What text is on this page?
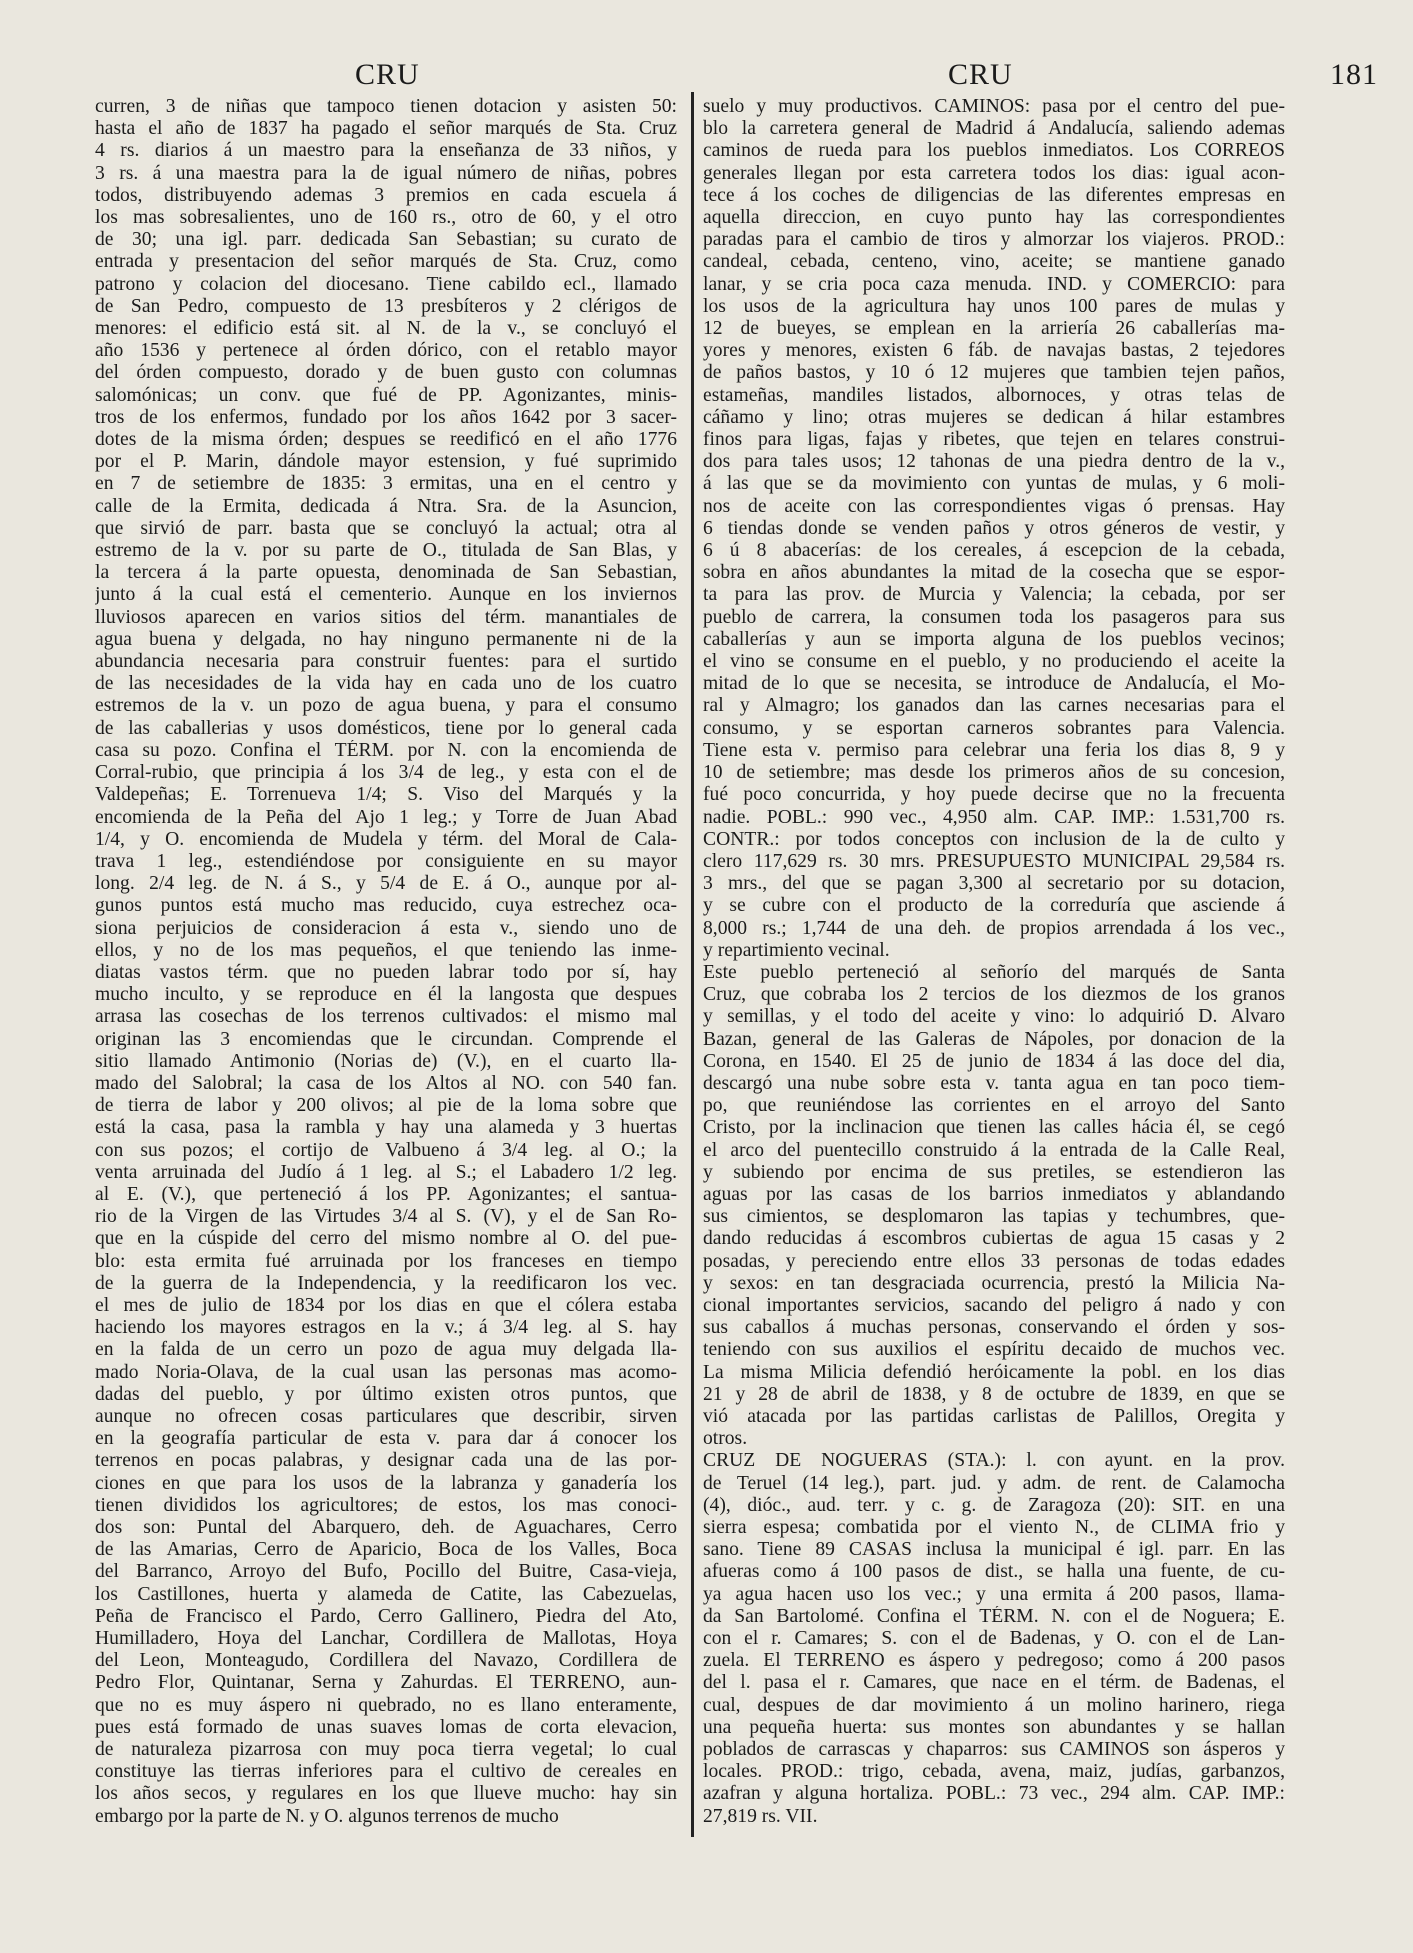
CRU	CRU	181
curren, 3 de niñas que tampoco tienen dotacion y asisten 50:
hasta el año de 1837 ha pagado el señor marqués de Sta. Cruz
4 rs. diarios á un maestro para la enseñanza de 33 niños, y
3 rs. á una maestra para la de igual número de niñas, pobres
todos, distribuyendo ademas 3 premios en cada escuela á
los mas sobresalientes, uno de 160 rs., otro de 60, y el otro
de 30; una igl. parr. dedicada San Sebastian; su curato de
entrada y presentacion del señor marqués de Sta. Cruz, como
patrono y colacion del diocesano. Tiene cabildo ecl., llamado
de San Pedro, compuesto de 13 presbíteros y 2 clérigos de
menores: el edificio está sit. al N. de la v., se concluyó el
año 1536 y pertenece al órden dórico, con el retablo mayor
del órden compuesto, dorado y de buen gusto con columnas
salomónicas; un conv. que fué de PP. Agonizantes, minis-
tros de los enfermos, fundado por los años 1642 por 3 sacer-
dotes de la misma órden; despues se reedificó en el año 1776
por el P. Marin, dándole mayor estension, y fué suprimido
en 7 de setiembre de 1835: 3 ermitas, una en el centro y
calle de la Ermita, dedicada á Ntra. Sra. de la Asuncion,
que sirvió de parr. basta que se concluyó la actual; otra al
estremo de la v. por su parte de O., titulada de San Blas, y
la tercera á la parte opuesta, denominada de San Sebastian,
junto á la cual está el cementerio. Aunque en los inviernos
lluviosos aparecen en varios sitios del térm. manantiales de
agua buena y delgada, no hay ninguno permanente ni de la
abundancia necesaria para construir fuentes: para el surtido
de las necesidades de la vida hay en cada uno de los cuatro
estremos de la v. un pozo de agua buena, y para el consumo
de las caballerias y usos domésticos, tiene por lo general cada
casa su pozo. Confina el TÉRM. por N. con la encomienda de
Corral-rubio, que principia á los 3/4 de leg., y esta con el de
Valdepeñas; E. Torrenueva 1/4; S. Viso del Marqués y la
encomienda de la Peña del Ajo 1 leg.; y Torre de Juan Abad
1/4, y O. encomienda de Mudela y térm. del Moral de Cala-
trava 1 leg., estendiéndose por consiguiente en su mayor
long. 2/4 leg. de N. á S., y 5/4 de E. á O., aunque por al-
gunos puntos está mucho mas reducido, cuya estrechez oca-
siona perjuicios de consideracion á esta v., siendo uno de
ellos, y no de los mas pequeños, el que teniendo las inme-
diatas vastos térm. que no pueden labrar todo por sí, hay
mucho inculto, y se reproduce en él la langosta que despues
arrasa las cosechas de los terrenos cultivados: el mismo mal
originan las 3 encomiendas que le circundan. Comprende el
sitio llamado Antimonio (Norias de) (V.), en el cuarto lla-
mado del Salobral; la casa de los Altos al NO. con 540 fan.
de tierra de labor y 200 olivos; al pie de la loma sobre que
está la casa, pasa la rambla y hay una alameda y 3 huertas
con sus pozos; el cortijo de Valbueno á 3/4 leg. al O.; la
venta arruinada del Judío á 1 leg. al S.; el Labadero 1/2 leg.
al E. (V.), que perteneció á los PP. Agonizantes; el santua-
rio de la Virgen de las Virtudes 3/4 al S. (V), y el de San Ro-
que en la cúspide del cerro del mismo nombre al O. del pue-
blo: esta ermita fué arruinada por los franceses en tiempo
de la guerra de la Independencia, y la reedificaron los vec.
el mes de julio de 1834 por los dias en que el cólera estaba
haciendo los mayores estragos en la v.; á 3/4 leg. al S. hay
en la falda de un cerro un pozo de agua muy delgada lla-
mado Noria-Olava, de la cual usan las personas mas acomo-
dadas del pueblo, y por último existen otros puntos, que
aunque no ofrecen cosas particulares que describir, sirven
en la geografía particular de esta v. para dar á conocer los
terrenos en pocas palabras, y designar cada una de las por-
ciones en que para los usos de la labranza y ganadería los
tienen divididos los agricultores; de estos, los mas conoci-
dos son: Puntal del Abarquero, deh. de Aguachares, Cerro
de las Amarias, Cerro de Aparicio, Boca de los Valles, Boca
del Barranco, Arroyo del Bufo, Pocillo del Buitre, Casa-vieja,
los Castillones, huerta y alameda de Catite, las Cabezuelas,
Peña de Francisco el Pardo, Cerro Gallinero, Piedra del Ato,
Humilladero, Hoya del Lanchar, Cordillera de Mallotas, Hoya
del Leon, Monteagudo, Cordillera del Navazo, Cordillera de
Pedro Flor, Quintanar, Serna y Zahurdas. El TERRENO, aun-
que no es muy áspero ni quebrado, no es llano enteramente,
pues está formado de unas suaves lomas de corta elevacion,
de naturaleza pizarrosa con muy poca tierra vegetal; lo cual
constituye las tierras inferiores para el cultivo de cereales en
los años secos, y regulares en los que llueve mucho: hay sin
embargo por la parte de N. y O. algunos terrenos de mucho
suelo y muy productivos. CAMINOS: pasa por el centro del pue-
blo la carretera general de Madrid á Andalucía, saliendo ademas
caminos de rueda para los pueblos inmediatos. Los CORREOS
generales llegan por esta carretera todos los dias: igual acon-
tece á los coches de diligencias de las diferentes empresas en
aquella direccion, en cuyo punto hay las correspondientes
paradas para el cambio de tiros y almorzar los viajeros. PROD.:
candeal, cebada, centeno, vino, aceite; se mantiene ganado
lanar, y se cria poca caza menuda. IND. y COMERCIO: para
los usos de la agricultura hay unos 100 pares de mulas y
12 de bueyes, se emplean en la arriería 26 caballerías ma-
yores y menores, existen 6 fáb. de navajas bastas, 2 tejedores
de paños bastos, y 10 ó 12 mujeres que tambien tejen paños,
estameñas, mandiles listados, albornoces, y otras telas de
cáñamo y lino; otras mujeres se dedican á hilar estambres
finos para ligas, fajas y ribetes, que tejen en telares construi-
dos para tales usos; 12 tahonas de una piedra dentro de la v.,
á las que se da movimiento con yuntas de mulas, y 6 moli-
nos de aceite con las correspondientes vigas ó prensas. Hay
6 tiendas donde se venden paños y otros géneros de vestir, y
6 ú 8 abacerías: de los cereales, á escepcion de la cebada,
sobra en años abundantes la mitad de la cosecha que se espor-
ta para las prov. de Murcia y Valencia; la cebada, por ser
pueblo de carrera, la consumen toda los pasageros para sus
caballerías y aun se importa alguna de los pueblos vecinos;
el vino se consume en el pueblo, y no produciendo el aceite la
mitad de lo que se necesita, se introduce de Andalucía, el Mo-
ral y Almagro; los ganados dan las carnes necesarias para el
consumo, y se esportan carneros sobrantes para Valencia.
Tiene esta v. permiso para celebrar una feria los dias 8, 9 y
10 de setiembre; mas desde los primeros años de su concesion,
fué poco concurrida, y hoy puede decirse que no la frecuenta
nadie. POBL.: 990 vec., 4,950 alm. CAP. IMP.: 1.531,700 rs.
CONTR.: por todos conceptos con inclusion de la de culto y
clero 117,629 rs. 30 mrs. PRESUPUESTO MUNICIPAL 29,584 rs.
3 mrs., del que se pagan 3,300 al secretario por su dotacion,
y se cubre con el producto de la correduría que asciende á
8,000 rs.; 1,744 de una deh. de propios arrendada á los vec.,
y repartimiento vecinal.
Este pueblo perteneció al señorío del marqués de Santa
Cruz, que cobraba los 2 tercios de los diezmos de los granos
y semillas, y el todo del aceite y vino: lo adquirió D. Alvaro
Bazan, general de las Galeras de Nápoles, por donacion de la
Corona, en 1540. El 25 de junio de 1834 á las doce del dia,
descargó una nube sobre esta v. tanta agua en tan poco tiem-
po, que reuniéndose las corrientes en el arroyo del Santo
Cristo, por la inclinacion que tienen las calles hácia él, se cegó
el arco del puentecillo construido á la entrada de la Calle Real,
y subiendo por encima de sus pretiles, se estendieron las
aguas por las casas de los barrios inmediatos y ablandando
sus cimientos, se desplomaron las tapias y techumbres, que-
dando reducidas á escombros cubiertas de agua 15 casas y 2
posadas, y pereciendo entre ellos 33 personas de todas edades
y sexos: en tan desgraciada ocurrencia, prestó la Milicia Na-
cional importantes servicios, sacando del peligro á nado y con
sus caballos á muchas personas, conservando el órden y sos-
teniendo con sus auxilios el espíritu decaido de muchos vec.
La misma Milicia defendió heróicamente la pobl. en los dias
21 y 28 de abril de 1838, y 8 de octubre de 1839, en que se
vió atacada por las partidas carlistas de Palillos, Oregita y
otros.
CRUZ DE NOGUERAS (STA.): l. con ayunt. en la prov.
de Teruel (14 leg.), part. jud. y adm. de rent. de Calamocha
(4), dióc., aud. terr. y c. g. de Zaragoza (20): SIT. en una
sierra espesa; combatida por el viento N., de CLIMA frio y
sano. Tiene 89 CASAS inclusa la municipal é igl. parr. En las
afueras como á 100 pasos de dist., se halla una fuente, de cu-
ya agua hacen uso los vec.; y una ermita á 200 pasos, llama-
da San Bartolomé. Confina el TÉRM. N. con el de Noguera; E.
con el r. Camares; S. con el de Badenas, y O. con el de Lan-
zuela. El TERRENO es áspero y pedregoso; como á 200 pasos
del l. pasa el r. Camares, que nace en el térm. de Badenas, el
cual, despues de dar movimiento á un molino harinero, riega
una pequeña huerta: sus montes son abundantes y se hallan
poblados de carrascas y chaparros: sus CAMINOS son ásperos y
locales. PROD.: trigo, cebada, avena, maiz, judías, garbanzos,
azafran y alguna hortaliza. POBL.: 73 vec., 294 alm. CAP. IMP.:
27,819 rs. VII.
